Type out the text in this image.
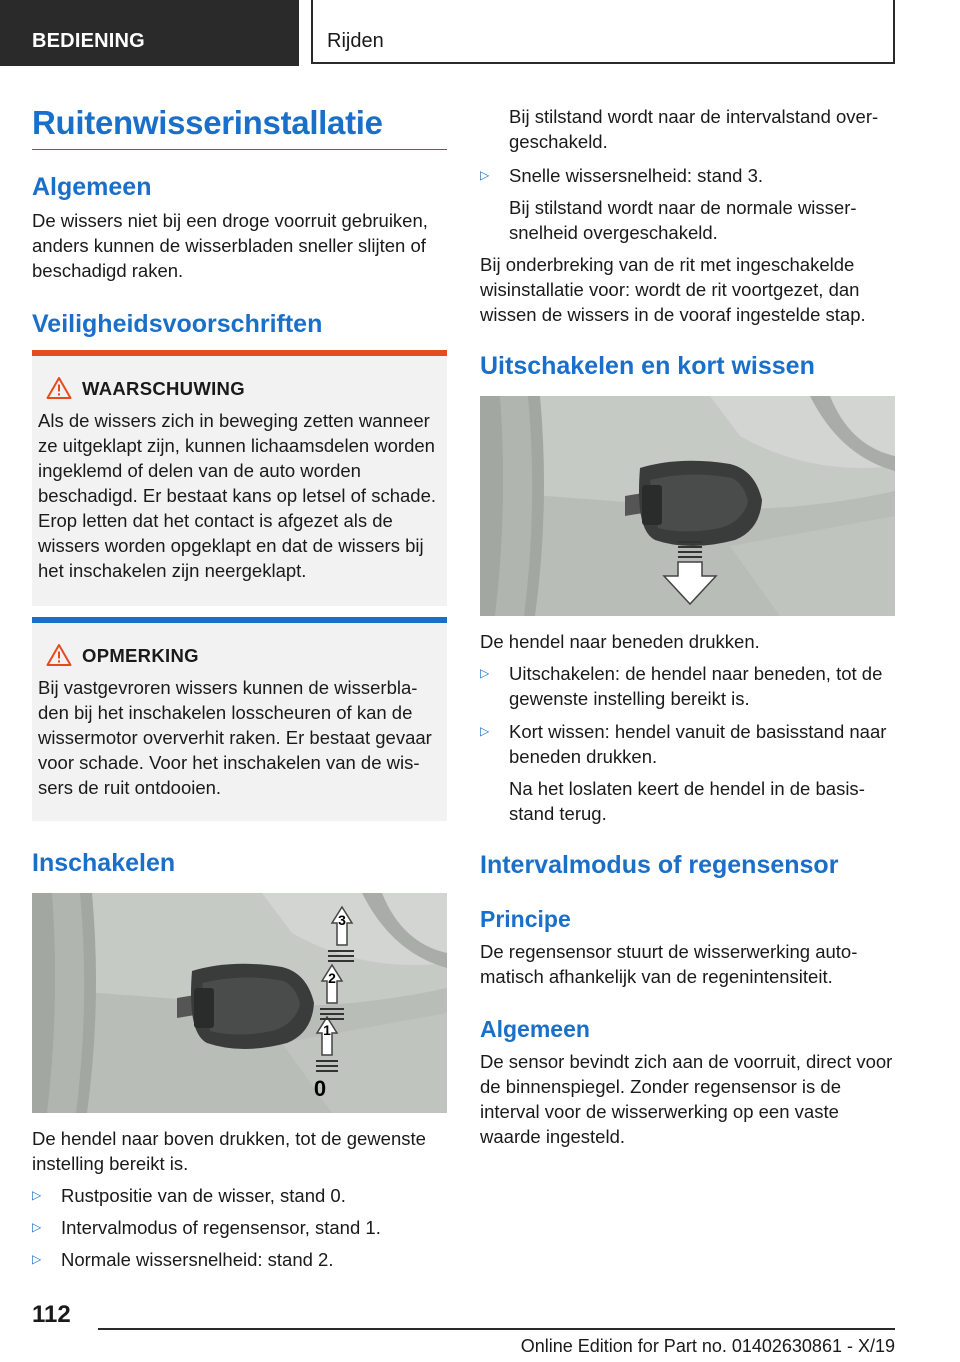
BEDIENING	Rijden
Ruitenwisserinstallatie
Algemeen

De wissers niet bij een droge voorruit gebruiken, anders kunnen de wisserbladen sneller slijten of beschadigd raken.

Veiligheidsvoorschriften
WAARSCHUWING

Als de wissers zich in beweging zetten wanneer ze uitgeklapt zijn, kunnen lichaamsdelen worden ingeklemd of delen van de auto worden beschadigd. Er bestaat kans op letsel of schade. Erop letten dat het contact is afgezet als de wissers worden opgeklapt en dat de wissers bij het inschakelen zijn neergeklapt.

OPMERKING

Bij vastgevroren wissers kunnen de wisserbladen bij het inschakelen losscheuren of kan de wissermotor oververhit raken. Er bestaat gevaar voor schade. Voor het inschakelen van de wissers de ruit ontdooien.

Inschakelen
3
2
1
0

De hendel naar boven drukken, tot de gewenste instelling bereikt is.

▷ Rustpositie van de wisser, stand 0.
▷ Intervalmodus of regensensor, stand 1.
▷ Normale wissersnelheid: stand 2.

Bij stilstand wordt naar de intervalstand overgeschakeld.

▷ Snelle wissersnelheid: stand 3.

Bij stilstand wordt naar de normale wissersnelheid overgeschakeld.

Bij onderbreking van de rit met ingeschakelde wisinstallatie voor: wordt de rit voortgezet, dan wissen de wissers in de vooraf ingestelde stap.

Uitschakelen en kort wissen

De hendel naar beneden drukken.

▷ Uitschakelen: de hendel naar beneden, tot de gewenste instelling bereikt is.
▷ Kort wissen: hendel vanuit de basisstand naar beneden drukken.

Na het loslaten keert de hendel in de basisstand terug.

Intervalmodus of regensensor
Principe

De regensensor stuurt de wisserwerking automatisch afhankelijk van de regenintensiteit.

Algemeen

De sensor bevindt zich aan de voorruit, direct voor de binnenspiegel. Zonder regensensor is de interval voor de wisserwerking op een vaste waarde ingesteld.

112
Online Edition for Part no. 01402630861 - X/19
